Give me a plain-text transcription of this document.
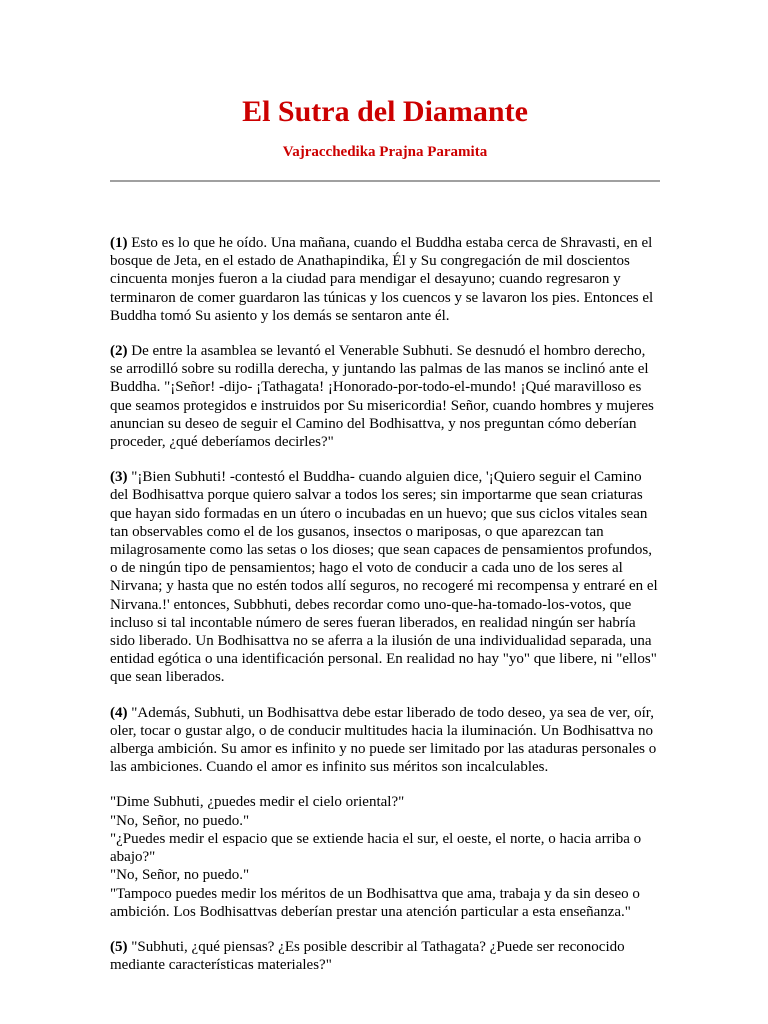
El Sutra del Diamante
Vajracchedika Prajna Paramita

(1) Esto es lo que he oído. Una mañana, cuando el Buddha estaba cerca de Shravasti, en el bosque de Jeta, en el estado de Anathapindika, Él y Su congregación de mil doscientos cincuenta monjes fueron a la ciudad para mendigar el desayuno; cuando regresaron y terminaron de comer guardaron las túnicas y los cuencos y se lavaron los pies. Entonces el Buddha tomó Su asiento y los demás se sentaron ante él.

(2) De entre la asamblea se levantó el Venerable Subhuti. Se desnudó el hombro derecho, se arrodilló sobre su rodilla derecha, y juntando las palmas de las manos se inclinó ante el Buddha. "¡Señor! -dijo- ¡Tathagata! ¡Honorado-por-todo-el-mundo! ¡Qué maravilloso es que seamos protegidos e instruidos por Su misericordia! Señor, cuando hombres y mujeres anuncian su deseo de seguir el Camino del Bodhisattva, y nos preguntan cómo deberían proceder, ¿qué deberíamos decirles?"

(3) "¡Bien Subhuti! -contestó el Buddha- cuando alguien dice, '¡Quiero seguir el Camino del Bodhisattva porque quiero salvar a todos los seres; sin importarme que sean criaturas que hayan sido formadas en un útero o incubadas en un huevo; que sus ciclos vitales sean tan observables como el de los gusanos, insectos o mariposas, o que aparezcan tan milagrosamente como las setas o los dioses; que sean capaces de pensamientos profundos, o de ningún tipo de pensamientos; hago el voto de conducir a cada uno de los seres al Nirvana; y hasta que no estén todos allí seguros, no recogeré mi recompensa y entraré en el Nirvana.!' entonces, Subbhuti, debes recordar como uno-que-ha-tomado-los-votos, que incluso si tal incontable número de seres fueran liberados, en realidad ningún ser habría sido liberado. Un Bodhisattva no se aferra a la ilusión de una individualidad separada, una entidad egótica o una identificación personal. En realidad no hay "yo" que libere, ni "ellos" que sean liberados.

(4) "Además, Subhuti, un Bodhisattva debe estar liberado de todo deseo, ya sea de ver, oír, oler, tocar o gustar algo, o de conducir multitudes hacia la iluminación. Un Bodhisattva no alberga ambición. Su amor es infinito y no puede ser limitado por las ataduras personales o las ambiciones. Cuando el amor es infinito sus méritos son incalculables.

"Dime Subhuti, ¿puedes medir el cielo oriental?"
"No, Señor, no puedo."
"¿Puedes medir el espacio que se extiende hacia el sur, el oeste, el norte, o hacia arriba o abajo?"
"No, Señor, no puedo."
"Tampoco puedes medir los méritos de un Bodhisattva que ama, trabaja y da sin deseo o ambición. Los Bodhisattvas deberían prestar una atención particular a esta enseñanza."

(5) "Subhuti, ¿qué piensas? ¿Es posible describir al Tathagata? ¿Puede ser reconocido mediante características materiales?"
